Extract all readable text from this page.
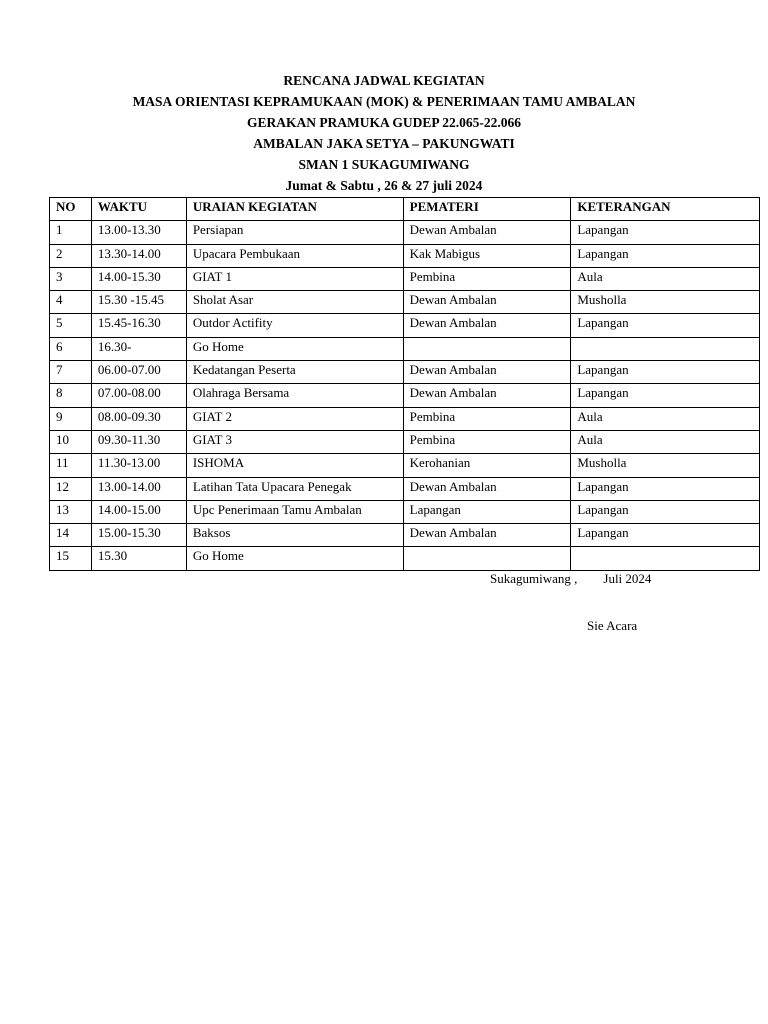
RENCANA JADWAL KEGIATAN
MASA ORIENTASI KEPRAMUKAAN (MOK) & PENERIMAAN TAMU AMBALAN
GERAKAN PRAMUKA GUDEP 22.065-22.066
AMBALAN JAKA SETYA – PAKUNGWATI
SMAN 1 SUKAGUMIWANG
Jumat & Sabtu , 26 & 27 juli 2024
NO	WAKTU	URAIAN KEGIATAN	PEMATERI	KETERANGAN
1	13.00-13.30	Persiapan	Dewan Ambalan	Lapangan
2	13.30-14.00	Upacara Pembukaan	Kak Mabigus	Lapangan
3	14.00-15.30	GIAT 1	Pembina	Aula
4	15.30 -15.45	Sholat Asar	Dewan Ambalan	Musholla
5	15.45-16.30	Outdor Actifity	Dewan Ambalan	Lapangan
6	16.30-	Go Home		
7	06.00-07.00	Kedatangan Peserta	Dewan Ambalan	Lapangan
8	07.00-08.00	Olahraga Bersama	Dewan Ambalan	Lapangan
9	08.00-09.30	GIAT 2	Pembina	Aula
10	09.30-11.30	GIAT 3	Pembina	Aula
11	11.30-13.00	ISHOMA	Kerohanian	Musholla
12	13.00-14.00	Latihan Tata Upacara Penegak	Dewan Ambalan	Lapangan
13	14.00-15.00	Upc Penerimaan Tamu Ambalan	Lapangan	Lapangan
14	15.00-15.30	Baksos	Dewan Ambalan	Lapangan
15	15.30	Go Home		
Sukagumiwang ,        Juli 2024
Sie Acara
